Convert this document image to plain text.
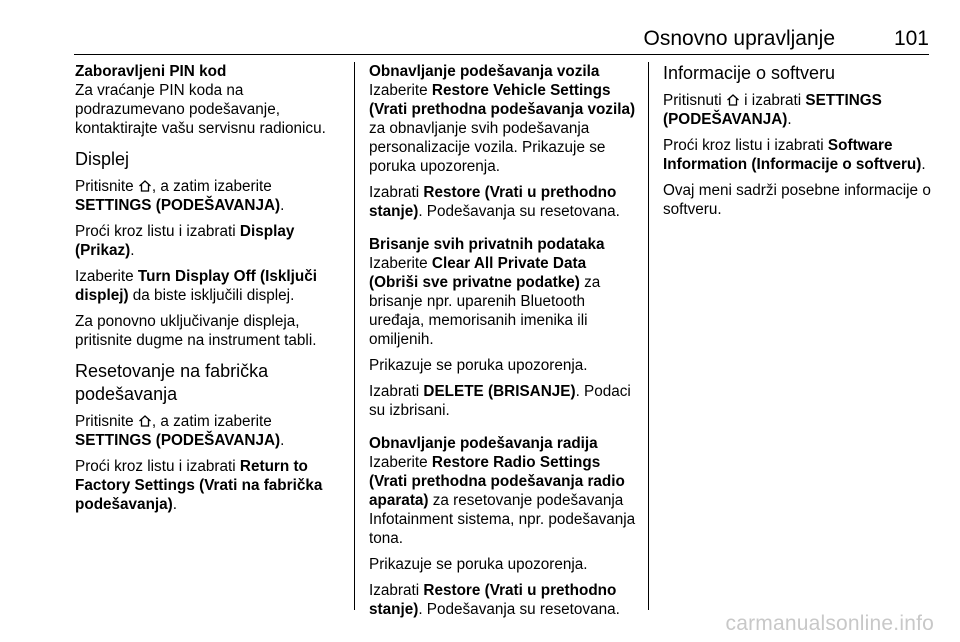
Osnovno upravljanje	101
Zaboravljeni PIN kod

Za vraćanje PIN koda na podrazumevano podešavanje, kontaktirajte vašu servisnu radionicu.

Displej

Pritisnite , a zatim izaberite SETTINGS (PODEŠAVANJA).

Proći kroz listu i izabrati Display (Prikaz).

Izaberite Turn Display Off (Isključi displej) da biste isključili displej.

Za ponovno uključivanje displeja, pritisnite dugme na instrument tabli.

Resetovanje na fabrička podešavanja

Pritisnite , a zatim izaberite SETTINGS (PODEŠAVANJA).

Proći kroz listu i izabrati Return to Factory Settings (Vrati na fabrička podešavanja).

Obnavljanje podešavanja vozila

Izaberite Restore Vehicle Settings (Vrati prethodna podešavanja vozila) za obnavljanje svih podešavanja personalizacije vozila. Prikazuje se poruka upozorenja.

Izabrati Restore (Vrati u prethodno stanje). Podešavanja su resetovana.

Brisanje svih privatnih podataka

Izaberite Clear All Private Data (Obriši sve privatne podatke) za brisanje npr. uparenih Bluetooth uređaja, memorisanih imenika ili omiljenih.

Prikazuje se poruka upozorenja.

Izabrati DELETE (BRISANJE). Podaci su izbrisani.

Obnavljanje podešavanja radija

Izaberite Restore Radio Settings (Vrati prethodna podešavanja radio aparata) za resetovanje podešavanja Infotainment sistema, npr. podešavanja tona.

Prikazuje se poruka upozorenja.

Izabrati Restore (Vrati u prethodno stanje). Podešavanja su resetovana.

Informacije o softveru

Pritisnuti i izabrati SETTINGS (PODEŠAVANJA).

Proći kroz listu i izabrati Software Information (Informacije o softveru).

Ovaj meni sadrži posebne informacije o softveru.

carmanualsonline.info
